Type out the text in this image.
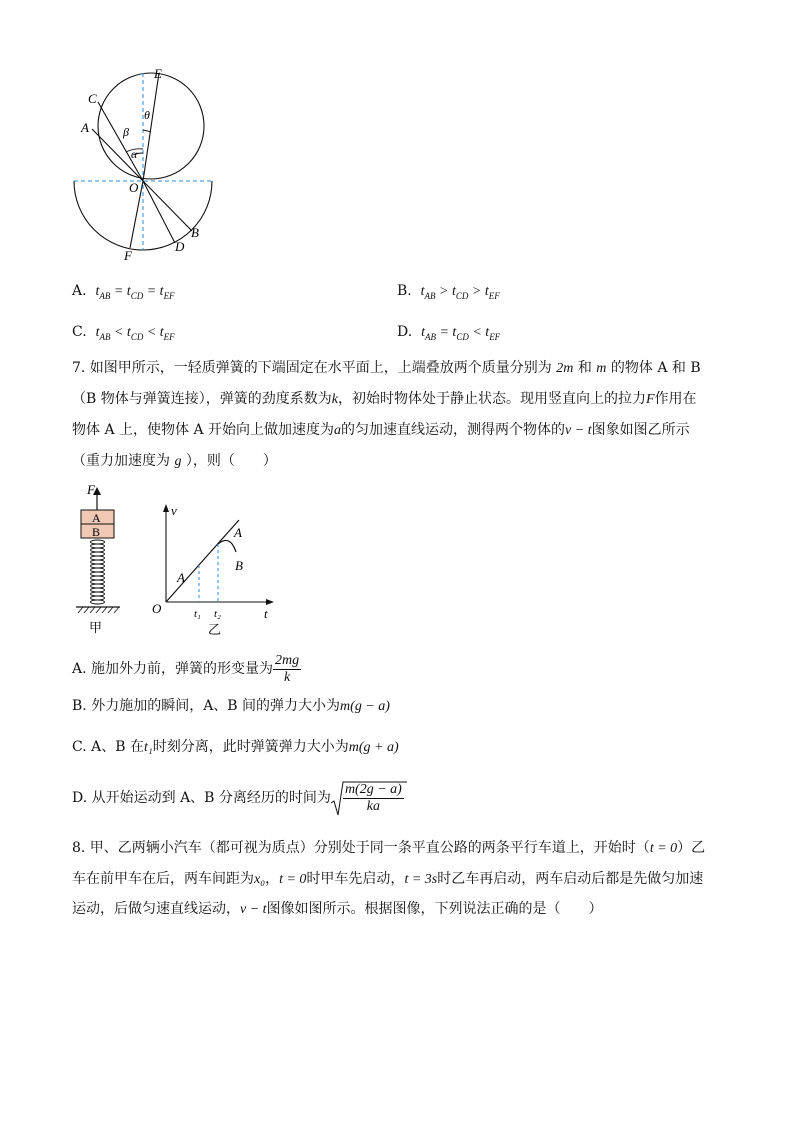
E
C
A
θ
β
α
O
B
D
F
A. $t_{AB} = t_{CD} = t_{EF}$	B. $t_{AB} > t_{CD} > t_{EF}$
C. $t_{AB} < t_{CD} < t_{EF}$	D. $t_{AB} = t_{CD} < t_{EF}$
7. 如图甲所示，一轻质弹簧的下端固定在水平面上，上端叠放两个质量分别为 2m 和 m 的物体 A 和 B
（B 物体与弹簧连接），弹簧的劲度系数为k，初始时物体处于静止状态。现用竖直向上的拉力F作用在
物体 A 上，使物体 A 开始向上做加速度为a的匀加速直线运动，测得两个物体的v − t图象如图乙所示
（重力加速度为 g ），则（　　）
F
A
B
甲
v
t
O
A
A
B
t₁ t₂
乙
A. 施加外力前，弹簧的形变量为 $\frac{2mg}{k}$
B. 外力施加的瞬间，A、B 间的弹力大小为m(g − a)
C. A、B 在t₁时刻分离，此时弹簧弹力大小为m(g + a)
D. 从开始运动到 A、B 分离经历的时间为 $\frac{m(2g - a)}{ka}$
8. 甲、乙两辆小汽车（都可视为质点）分别处于同一条平直公路的两条平行车道上，开始时（t = 0）乙
车在前甲车在后，两车间距为x₀，t = 0时甲车先启动，t = 3s时乙车再启动，两车启动后都是先做匀加速
运动，后做匀速直线运动，v − t图像如图所示。根据图像，下列说法正确的是（　　）
